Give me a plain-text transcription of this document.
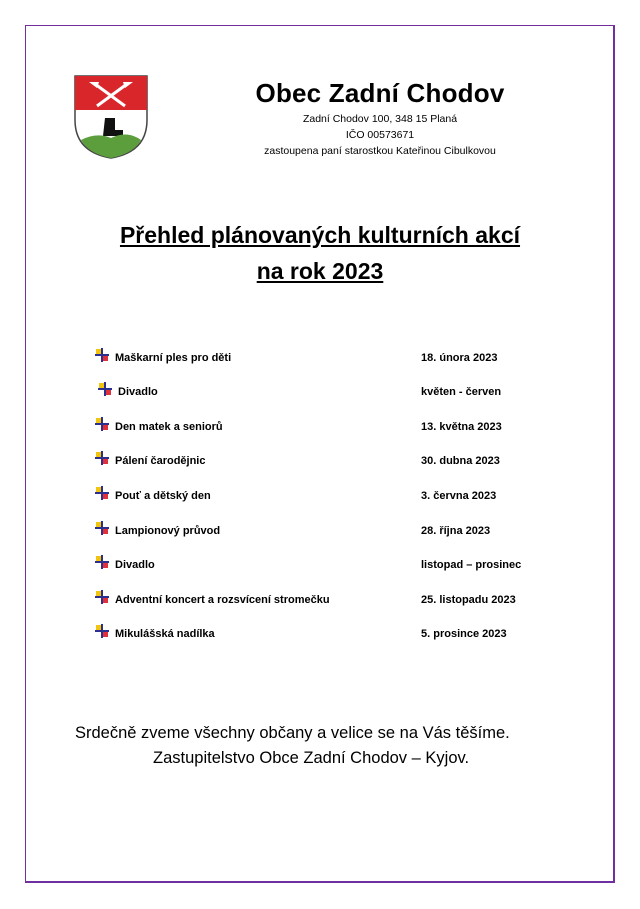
Obec Zadní Chodov
Zadní Chodov 100, 348 15 Planá
IČO 00573671
zastoupena paní starostkou Kateřinou Cibulkovou
Přehled plánovaných kulturních akcí
na rok 2023
Maškarní ples pro děti	18. února 2023
Divadlo	květen - červen
Den matek a seniorů	13. května 2023
Pálení čarodějnic	30. dubna 2023
Pouť a dětský den	3. června 2023
Lampionový průvod	28. října 2023
Divadlo	listopad – prosinec
Adventní koncert a rozsvícení stromečku	25. listopadu 2023
Mikulášská nadílka	5. prosince 2023
Srdečně zveme všechny občany a velice se na Vás těšíme.
Zastupitelstvo Obce Zadní Chodov – Kyjov.
